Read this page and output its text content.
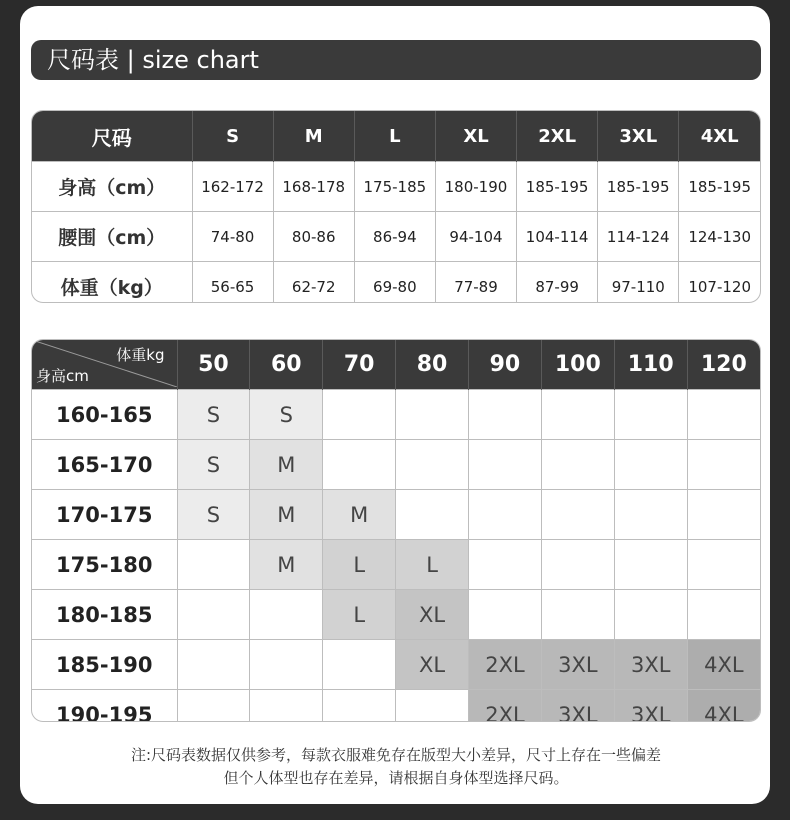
尺码表 | size chart
尺码	S	M	L	XL	2XL	3XL	4XL
身高（cm）	162-172	168-178	175-185	180-190	185-195	185-195	185-195
腰围（cm）	74-80	80-86	86-94	94-104	104-114	114-124	124-130
体重（kg）	56-65	62-72	69-80	77-89	87-99	97-110	107-120
体重kg
身高cm	50	60	70	80	90	100	110	120
160-165	S	S						
165-170	S	M						
170-175	S	M	M					
175-180		M	L	L				
180-185			L	XL				
185-190				XL	2XL	3XL	3XL	4XL
190-195					2XL	3XL	3XL	4XL
注:尺码表数据仅供参考，每款衣服难免存在版型大小差异，尺寸上存在一些偏差
但个人体型也存在差异，请根据自身体型选择尺码。
